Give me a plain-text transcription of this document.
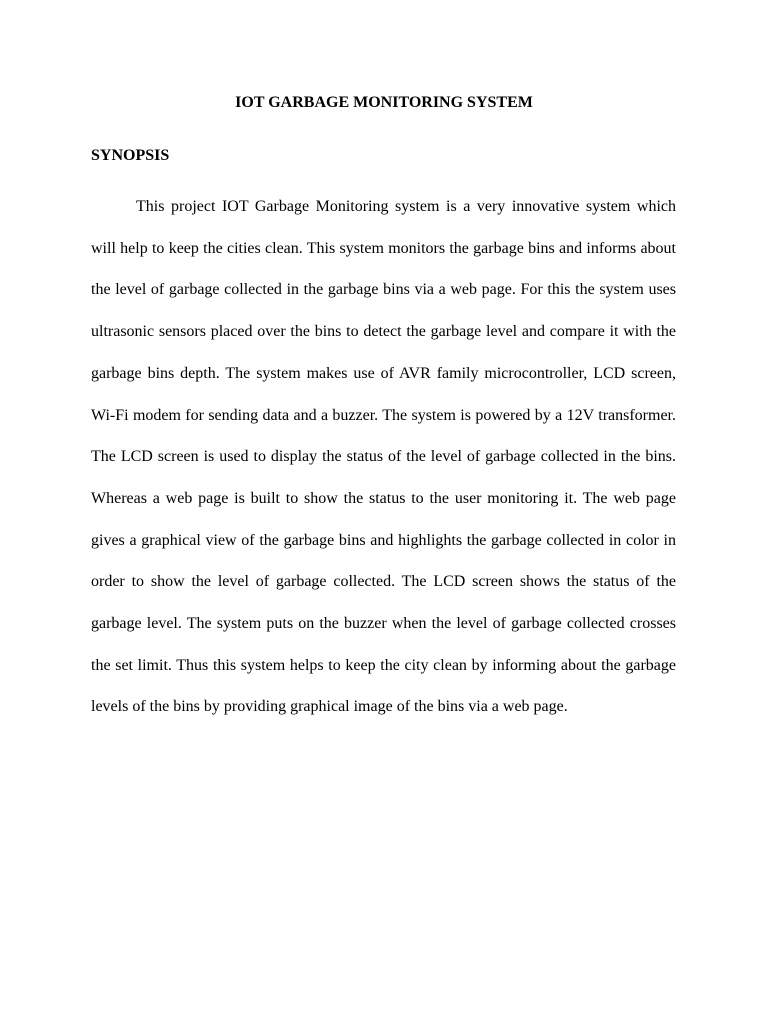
IOT GARBAGE MONITORING SYSTEM
SYNOPSIS

This project IOT Garbage Monitoring system is a very innovative system which will help to keep the cities clean. This system monitors the garbage bins and informs about the level of garbage collected in the garbage bins via a web page. For this the system uses ultrasonic sensors placed over the bins to detect the garbage level and compare it with the garbage bins depth. The system makes use of AVR family microcontroller, LCD screen, Wi-Fi modem for sending data and a buzzer. The system is powered by a 12V transformer. The LCD screen is used to display the status of the level of garbage collected in the bins. Whereas a web page is built to show the status to the user monitoring it. The web page gives a graphical view of the garbage bins and highlights the garbage collected in color in order to show the level of garbage collected. The LCD screen shows the status of the garbage level. The system puts on the buzzer when the level of garbage collected crosses the set limit. Thus this system helps to keep the city clean by informing about the garbage levels of the bins by providing graphical image of the bins via a web page.
